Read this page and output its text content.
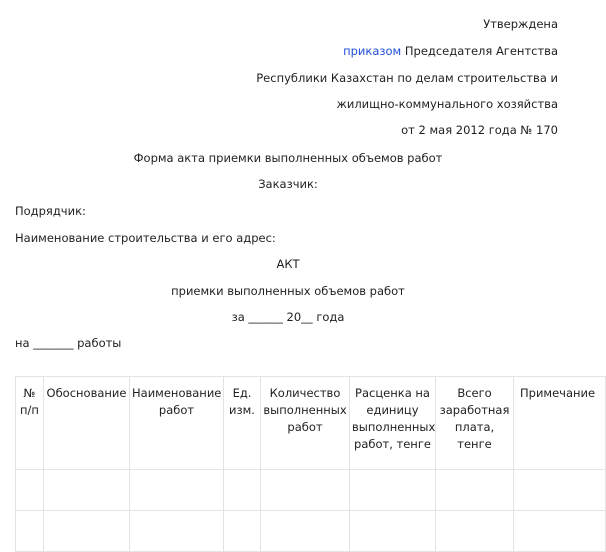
Утверждена
приказом Председателя Агентства
Республики Казахстан по делам строительства и
жилищно-коммунального хозяйства
от 2 мая 2012 года № 170
Форма акта приемки выполненных объемов работ
Заказчик:
Подрядчик:
Наименование строительства и его адрес:
АКТ
приемки выполненных объемов работ
за ______ 20__ года
на _______ работы
№ п/п	Обоснование	Наименование работ	Ед. изм.	Количество выполненных работ	Расценка на единицу выполненных работ, тенге	Всего заработная плата, тенге	Примечание
